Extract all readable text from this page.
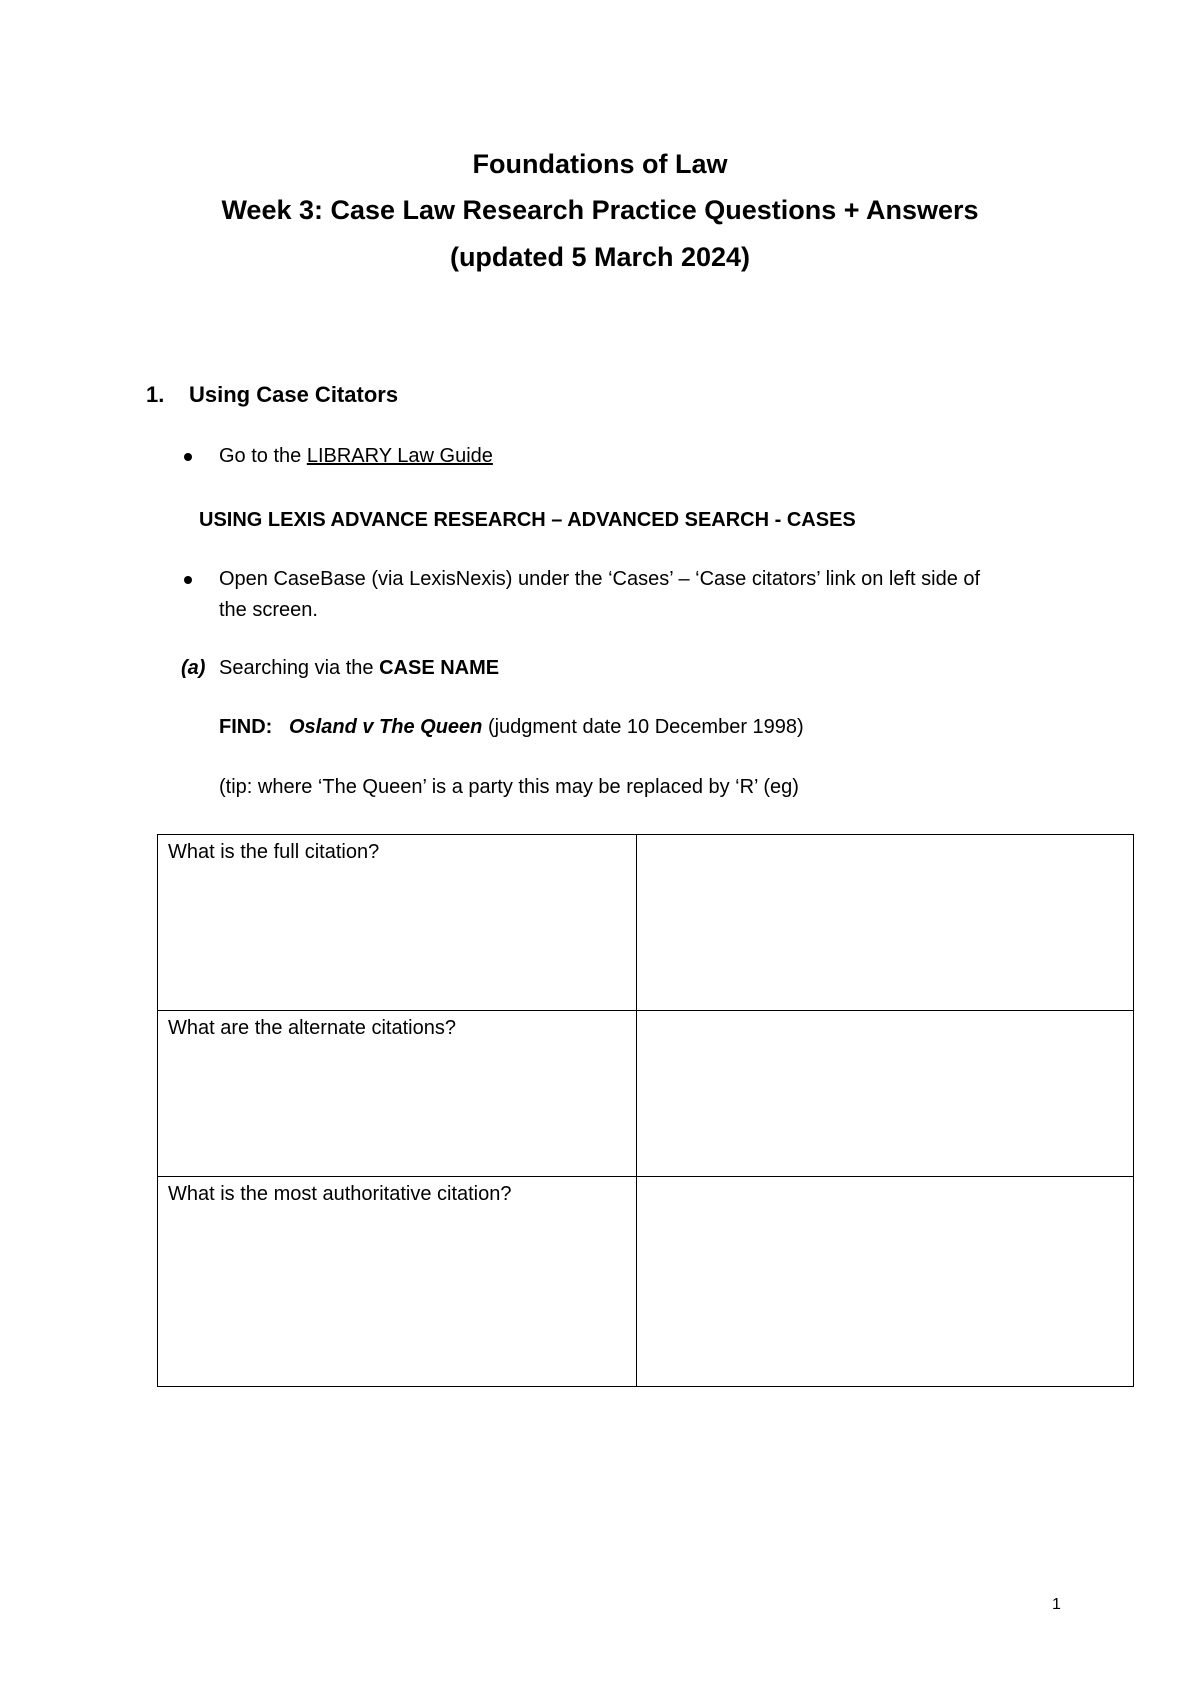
Foundations of Law
Week 3: Case Law Research Practice Questions + Answers
(updated 5 March 2024)
1. Using Case Citators
Go to the LIBRARY Law Guide
USING LEXIS ADVANCE RESEARCH – ADVANCED SEARCH - CASES
Open CaseBase (via LexisNexis) under the ‘Cases’ – ‘Case citators’ link on left side of
the screen.
(a) Searching via the CASE NAME
FIND: Osland v The Queen (judgment date 10 December 1998)
(tip: where ‘The Queen’ is a party this may be replaced by ‘R’ (eg)
What is the full citation?	
What are the alternate citations?	
What is the most authoritative citation?	
1
